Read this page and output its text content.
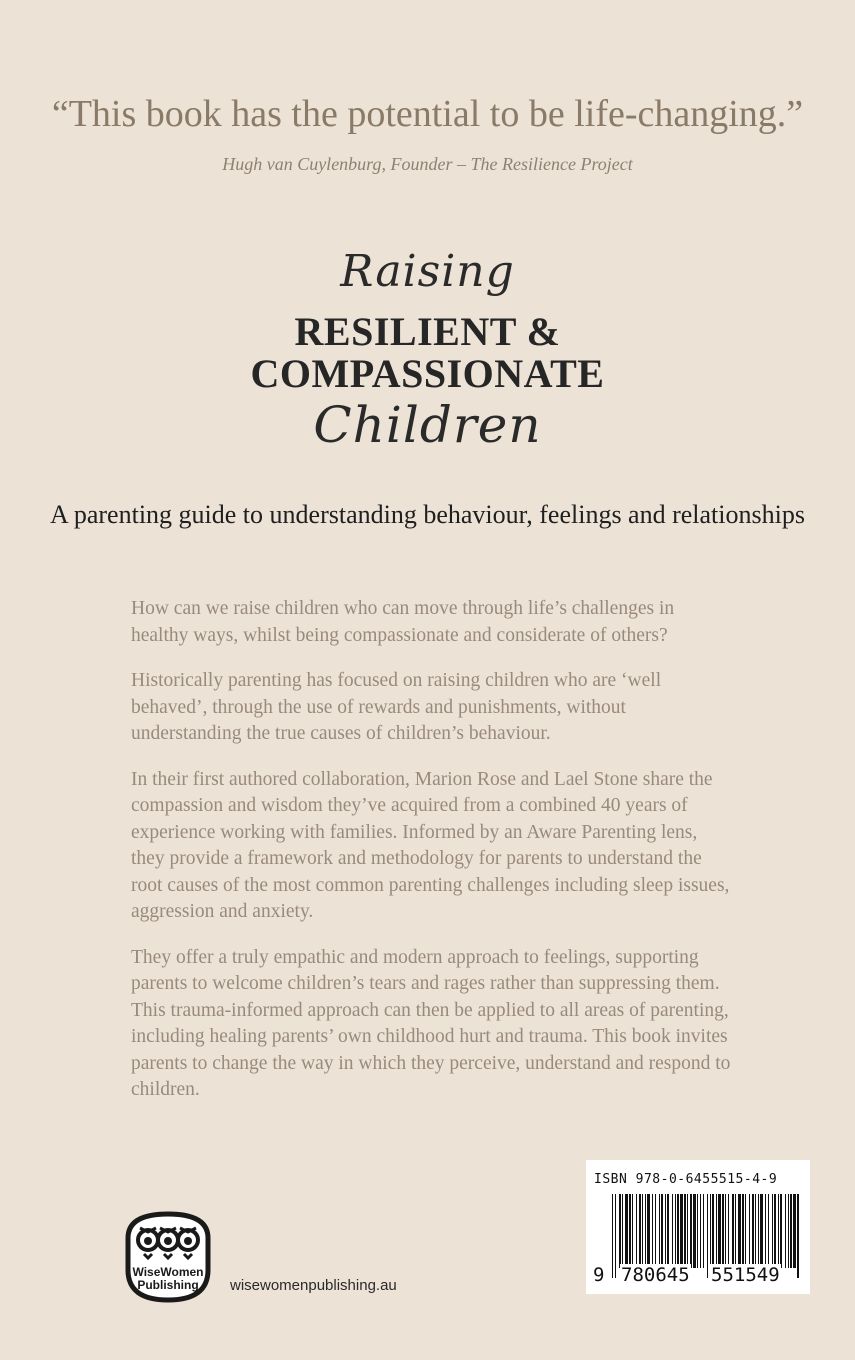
“This book has the potential to be life-changing.”
Hugh van Cuylenburg, Founder – The Resilience Project
Raising
RESILIENT &
COMPASSIONATE
Children
A parenting guide to understanding behaviour, feelings and relationships

How can we raise children who can move through life’s challenges in healthy ways, whilst being compassionate and considerate of others?

Historically parenting has focused on raising children who are ‘well behaved’, through the use of rewards and punishments, without understanding the true causes of children’s behaviour.

In their first authored collaboration, Marion Rose and Lael Stone share the compassion and wisdom they’ve acquired from a combined 40 years of experience working with families. Informed by an Aware Parenting lens, they provide a framework and methodology for parents to understand the root causes of the most common parenting challenges including sleep issues, aggression and anxiety.

They offer a truly empathic and modern approach to feelings, supporting parents to welcome children’s tears and rages rather than suppressing them. This trauma-informed approach can then be applied to all areas of parenting, including healing parents’ own childhood hurt and trauma. This book invites parents to change the way in which they perceive, understand and respond to children.

WiseWomen
Publishing wisewomenpublishing.au
ISBN 978-0-6455515-4-9
9 780645 551549
